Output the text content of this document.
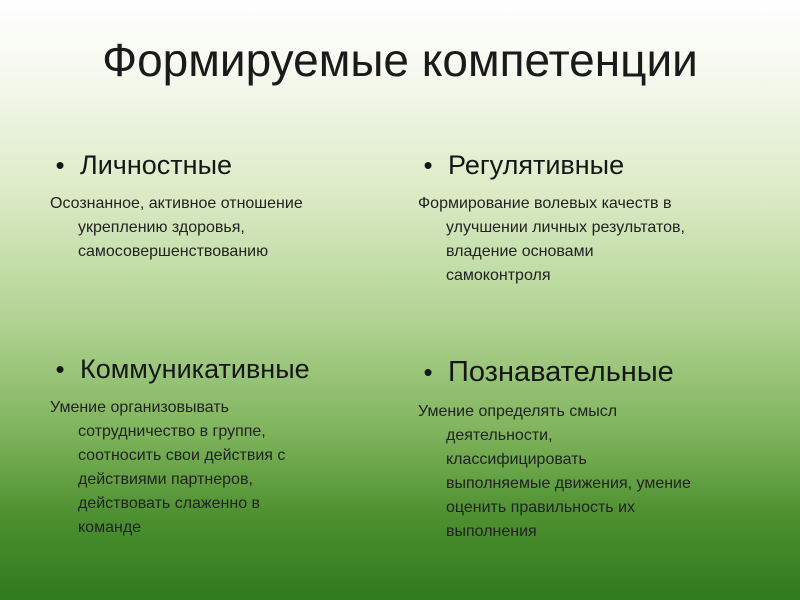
Формируемые компетенции
• Личностные
Осознанное, активное отношение
укреплению здоровья,
самосовершенствованию
• Регулятивные
Формирование волевых качеств в
улучшении личных результатов,
владение основами
самоконтроля
• Коммуникативные
Умение организовывать
сотрудничество в группе,
соотносить свои действия с
действиями партнеров,
действовать слаженно в
команде
• Познавательные
Умение определять смысл
деятельности,
классифицировать
выполняемые движения, умение
оценить правильность их
выполнения
